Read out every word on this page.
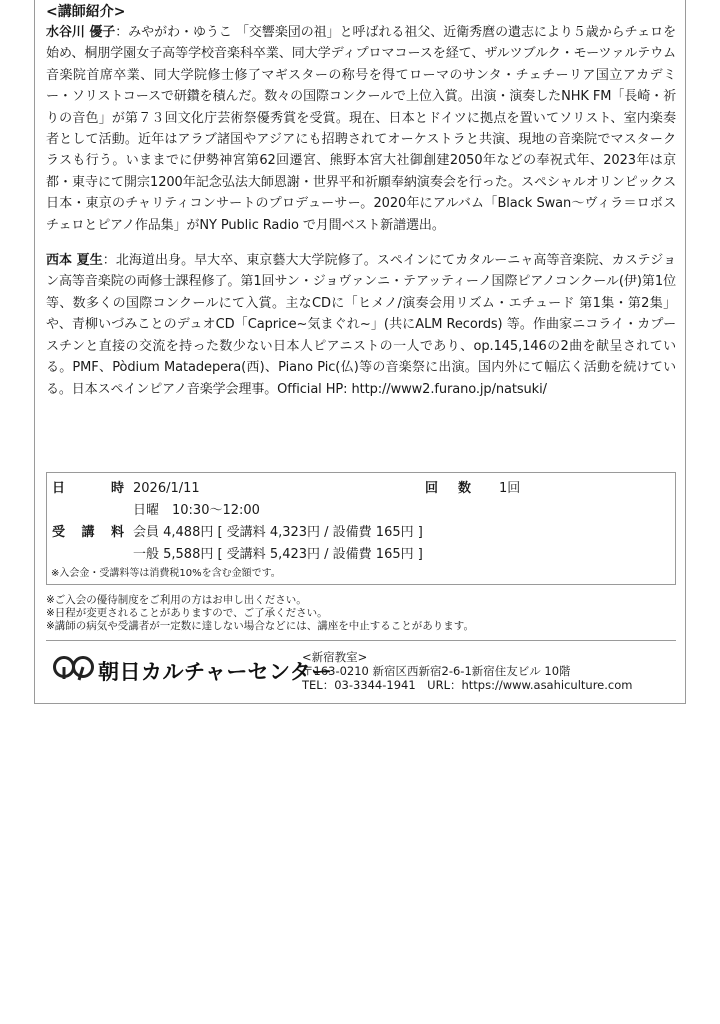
<講師紹介>

水谷川 優子：みやがわ・ゆうこ 「交響楽団の祖」と呼ばれる祖父、近衛秀麿の遺志により５歳からチェロを始め、桐朋学園女子高等学校音楽科卒業、同大学ディプロマコースを経て、ザルツブルク・モーツァルテウム音楽院首席卒業、同大学院修士修了マギスターの称号を得てローマのサンタ・チェチーリア国立アカデミー・ソリストコースで研鑽を積んだ。数々の国際コンクールで上位入賞。出演・演奏したNHK FM「長崎・祈りの音色」が第７３回文化庁芸術祭優秀賞を受賞。現在、日本とドイツに拠点を置いてソリスト、室内楽奏者として活動。近年はアラブ諸国やアジアにも招聘されてオーケストラと共演、現地の音楽院でマスタークラスも行う。いままでに伊勢神宮第62回遷宮、熊野本宮大社御創建2050年などの奉祝式年、2023年は京都・東寺にて開宗1200年記念弘法大師恩謝・世界平和祈願奉納演奏会を行った。スペシャルオリンピックス日本・東京のチャリティコンサートのプロデューサー。2020年にアルバム「Black Swan〜ヴィラ＝ロボス チェロとピアノ作品集」がNY Public Radio で月間ベスト新譜選出。

西本 夏生：北海道出身。早大卒、東京藝大大学院修了。スペインにてカタルーニャ高等音楽院、カステジョン高等音楽院の両修士課程修了。第1回サン・ジョヴァンニ・テアッティーノ国際ピアノコンクール(伊)第1位等、数多くの国際コンクールにて入賞。主なCDに「ヒメノ/演奏会用リズム・エチュード 第1集・第2集」や、青柳いづみことのデュオCD「Caprice~気まぐれ~」(共にALM Records) 等。作曲家ニコライ・カプースチンと直接の交流を持った数少ない日本人ピアニストの一人であり、op.145,146の2曲を献呈されている。PMF、Pòdium Matadepera(西)、Piano Pic(仏)等の音楽祭に出演。国内外にて幅広く活動を続けている。日本スペインピアノ音楽学会理事。Official HP: http://www2.furano.jp/natsuki/

日	時 2026/1/11	回 数 1回
日曜　10:30〜12:00
受 講 料 会員 4,488円 [ 受講料 4,323円 / 設備費 165円 ]
一般 5,588円 [ 受講料 5,423円 / 設備費 165円 ]
※入会金・受講料等は消費税10%を含む金額です。
※ご入会の優待制度をご利用の方はお申し出ください。
※日程が変更されることがありますので、ご了承ください。
※講師の病気や受講者が一定数に達しない場合などには、講座を中止することがあります。
朝日カルチャーセンター
<新宿教室>
〒163-0210 新宿区西新宿2-6-1新宿住友ビル 10階
TEL：03-3344-1941　URL：https://www.asahiculture.com
